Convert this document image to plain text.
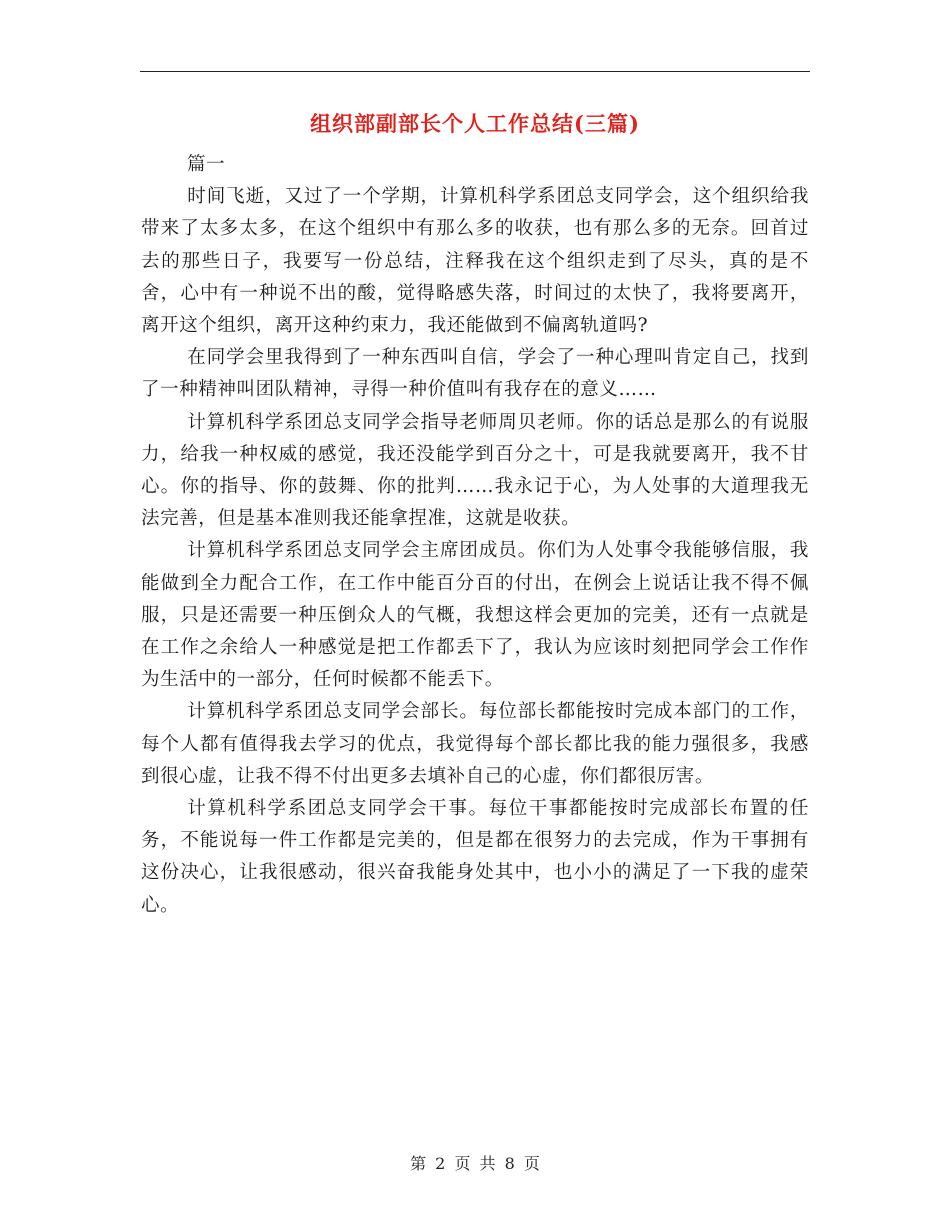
组织部副部长个人工作总结(三篇)
篇一

时间飞逝，又过了一个学期，计算机科学系团总支同学会，这个组织给我带来了太多太多，在这个组织中有那么多的收获，也有那么多的无奈。回首过去的那些日子，我要写一份总结，注释我在这个组织走到了尽头，真的是不舍，心中有一种说不出的酸，觉得略感失落，时间过的太快了，我将要离开，离开这个组织，离开这种约束力，我还能做到不偏离轨道吗?

在同学会里我得到了一种东西叫自信，学会了一种心理叫肯定自己，找到了一种精神叫团队精神，寻得一种价值叫有我存在的意义……

计算机科学系团总支同学会指导老师周贝老师。你的话总是那么的有说服力，给我一种权威的感觉，我还没能学到百分之十，可是我就要离开，我不甘心。你的指导、你的鼓舞、你的批判……我永记于心，为人处事的大道理我无法完善，但是基本准则我还能拿捏准，这就是收获。

计算机科学系团总支同学会主席团成员。你们为人处事令我能够信服，我能做到全力配合工作，在工作中能百分百的付出，在例会上说话让我不得不佩服，只是还需要一种压倒众人的气概，我想这样会更加的完美，还有一点就是在工作之余给人一种感觉是把工作都丢下了，我认为应该时刻把同学会工作作为生活中的一部分，任何时候都不能丢下。

计算机科学系团总支同学会部长。每位部长都能按时完成本部门的工作，每个人都有值得我去学习的优点，我觉得每个部长都比我的能力强很多，我感到很心虚，让我不得不付出更多去填补自己的心虚，你们都很厉害。

计算机科学系团总支同学会干事。每位干事都能按时完成部长布置的任务，不能说每一件工作都是完美的，但是都在很努力的去完成，作为干事拥有这份决心，让我很感动，很兴奋我能身处其中，也小小的满足了一下我的虚荣心。

第 2 页 共 8 页
